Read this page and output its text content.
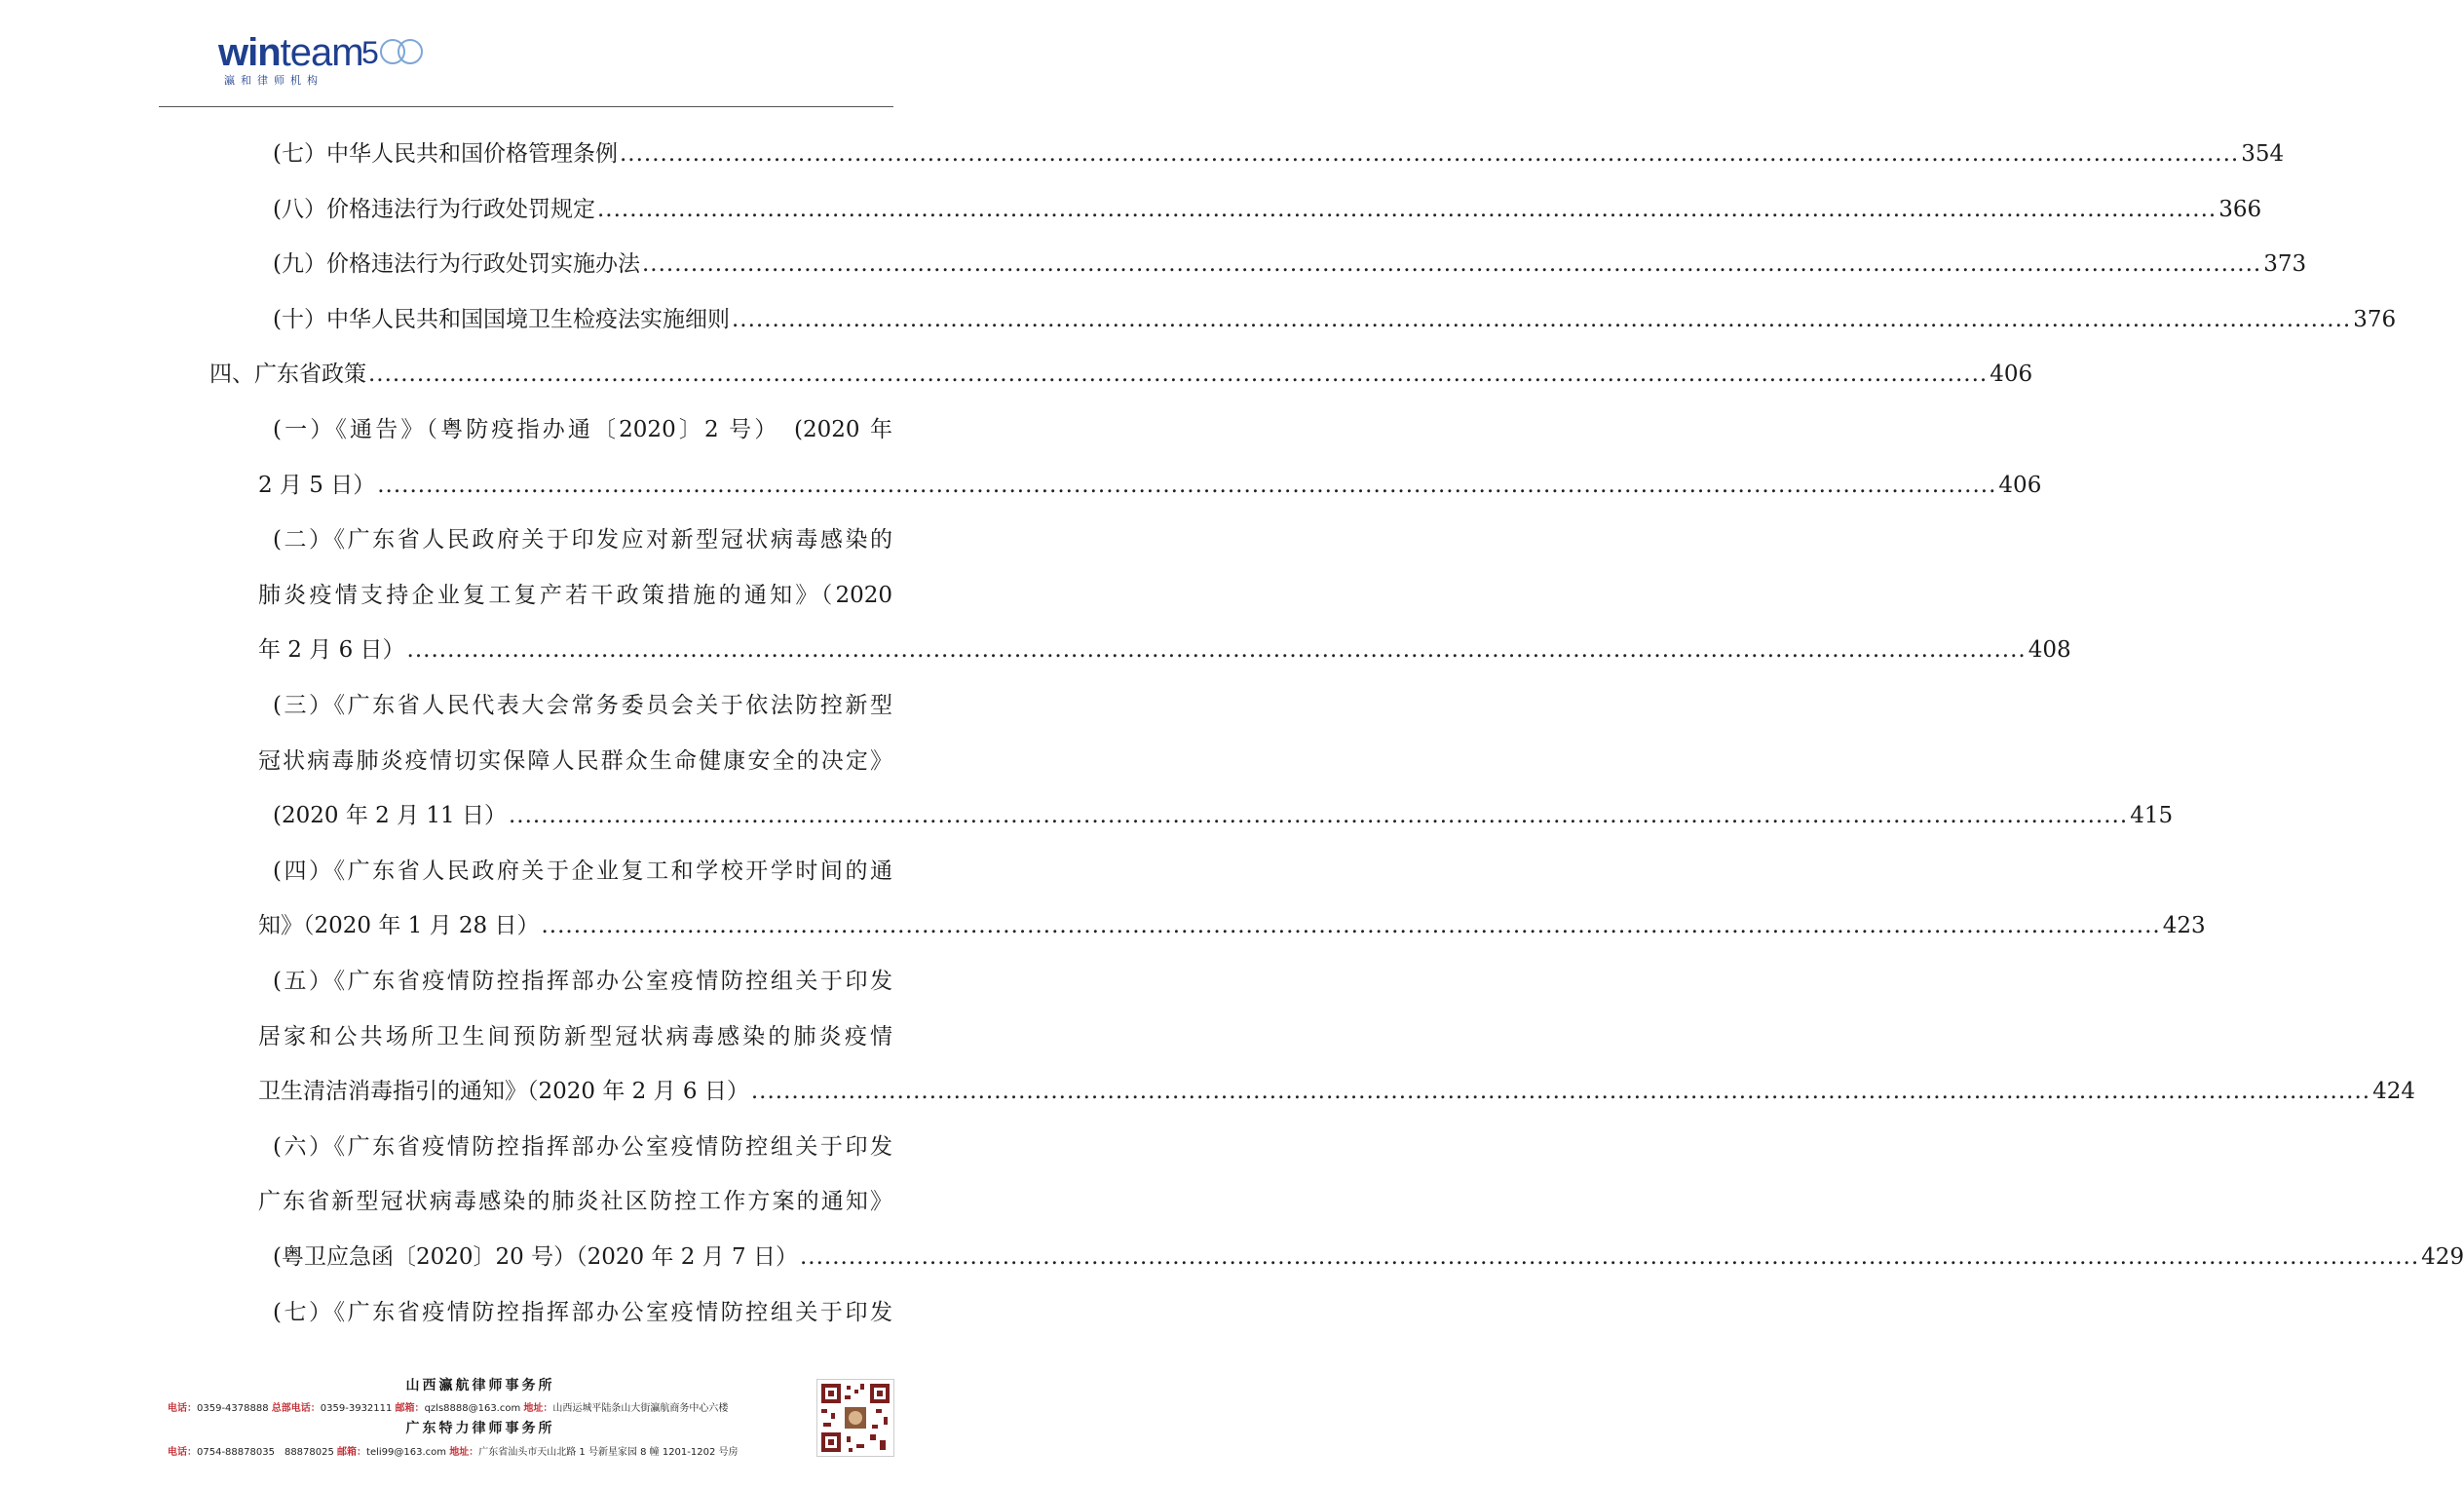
winteam
5
瀛和律师机构
(七）中华人民共和国价格管理条例 ........................................................................................................................................................................................................ 354
(八）价格违法行为行政处罚规定 ........................................................................................................................................................................................................ 366
(九）价格违法行为行政处罚实施办法 ........................................................................................................................................................................................................ 373
(十）中华人民共和国国境卫生检疫法实施细则 ........................................................................................................................................................................................................ 376
四、广东省政策 ........................................................................................................................................................................................................ 406
(一）《通告》（粤防疫指办通〔2020〕2 号）　(2020 年
2 月 5 日） ........................................................................................................................................................................................................ 406
(二）《广东省人民政府关于印发应对新型冠状病毒感染的
肺炎疫情支持企业复工复产若干政策措施的通知》（2020
年 2 月 6 日） ........................................................................................................................................................................................................ 408
(三）《广东省人民代表大会常务委员会关于依法防控新型
冠状病毒肺炎疫情切实保障人民群众生命健康安全的决定》
(2020 年 2 月 11 日） ........................................................................................................................................................................................................ 415
(四）《广东省人民政府关于企业复工和学校开学时间的通
知》（2020 年 1 月 28 日） ........................................................................................................................................................................................................ 423
(五）《广东省疫情防控指挥部办公室疫情防控组关于印发
居家和公共场所卫生间预防新型冠状病毒感染的肺炎疫情
卫生清洁消毒指引的通知》（2020 年 2 月 6 日） ........................................................................................................................................................................................................ 424
(六）《广东省疫情防控指挥部办公室疫情防控组关于印发
广东省新型冠状病毒感染的肺炎社区防控工作方案的通知》
(粤卫应急函〔2020〕20 号）（2020 年 2 月 7 日） ........................................................................................................................................................................................................ 429
(七）《广东省疫情防控指挥部办公室疫情防控组关于印发
山西瀛航律师事务所
电话：0359-4378888 总部电话：0359-3932111 邮箱：qzls8888@163.com 地址：山西运城平陆条山大街瀛航商务中心六楼
广东特力律师事务所
电话：0754-88878035　88878025 邮箱：teli99@163.com 地址：广东省汕头市天山北路 1 号新星家园 8 幢 1201-1202 号房
